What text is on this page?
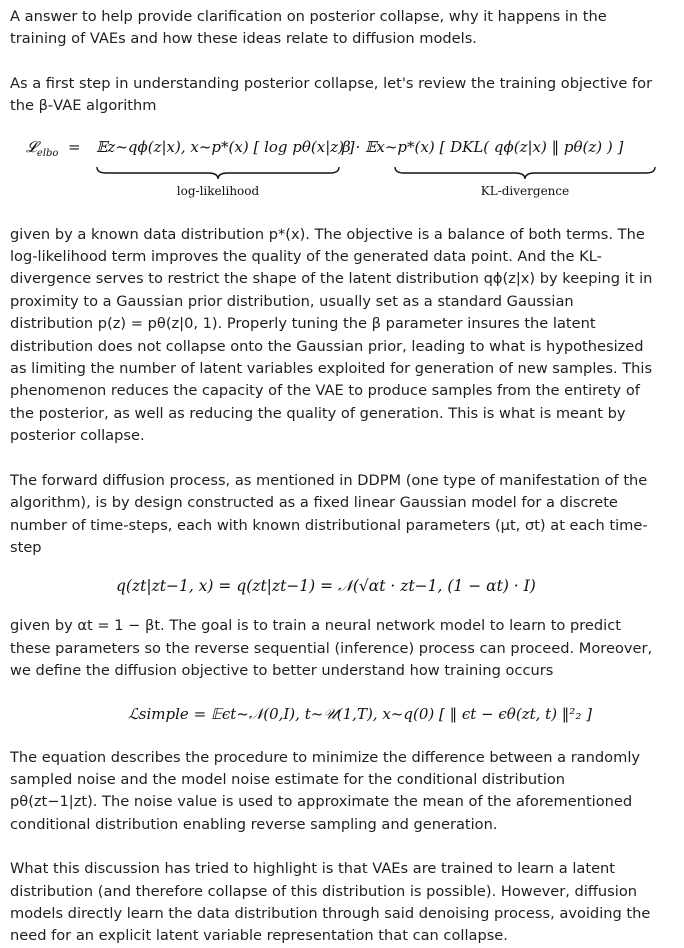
A answer to help provide clarification on posterior collapse, why it happens in the training of VAEs and how these ideas relate to diffusion models.

As a first step in understanding posterior collapse, let's review the training objective for the β-VAE algorithm

𝓛$_{elbo}$  = 𝔼z~qϕ(z|x), x~p*(x) [ log pθ(x|z) ]
β · 𝔼x~p*(x) [ DKL( qϕ(z|x) ‖ pθ(z) ) ]
log-likelihood	KL-divergence

given by a known data distribution p*(x). The objective is a balance of both terms. The log-likelihood term improves the quality of the generated data point. And the KL-divergence serves to restrict the shape of the latent distribution qϕ(z|x) by keeping it in proximity to a Gaussian prior distribution, usually set as a standard Gaussian distribution p(z) = pθ(z|0, 1). Properly tuning the β parameter insures the latent distribution does not collapse onto the Gaussian prior, leading to what is hypothesized as limiting the number of latent variables exploited for generation of new samples. This phenomenon reduces the capacity of the VAE to produce samples from the entirety of the posterior, as well as reducing the quality of generation. This is what is meant by posterior collapse.

The forward diffusion process, as mentioned in DDPM (one type of manifestation of the algorithm), is by design constructed as a fixed linear Gaussian model for a discrete number of time-steps, each with known distributional parameters (μt, σt) at each time-step

q(zt|zt−1, x) = q(zt|zt−1) = 𝒩(√αt · zt−1, (1 − αt) · I)

given by αt = 1 − βt. The goal is to train a neural network model to learn to predict these parameters so the reverse sequential (inference) process can proceed. Moreover, we define the diffusion objective to better understand how training occurs

ℒsimple = 𝔼ϵt~𝒩(0,I), t~𝒰(1,T), x~q(0) [ ‖ ϵt − ϵθ(zt, t) ‖²₂ ]

The equation describes the procedure to minimize the difference between a randomly sampled noise and the model noise estimate for the conditional distribution pθ(zt−1|zt). The noise value is used to approximate the mean of the aforementioned conditional distribution enabling reverse sampling and generation.

What this discussion has tried to highlight is that VAEs are trained to learn a latent distribution (and therefore collapse of this distribution is possible). However, diffusion models directly learn the data distribution through said denoising process, avoiding the need for an explicit latent variable representation that can collapse.
